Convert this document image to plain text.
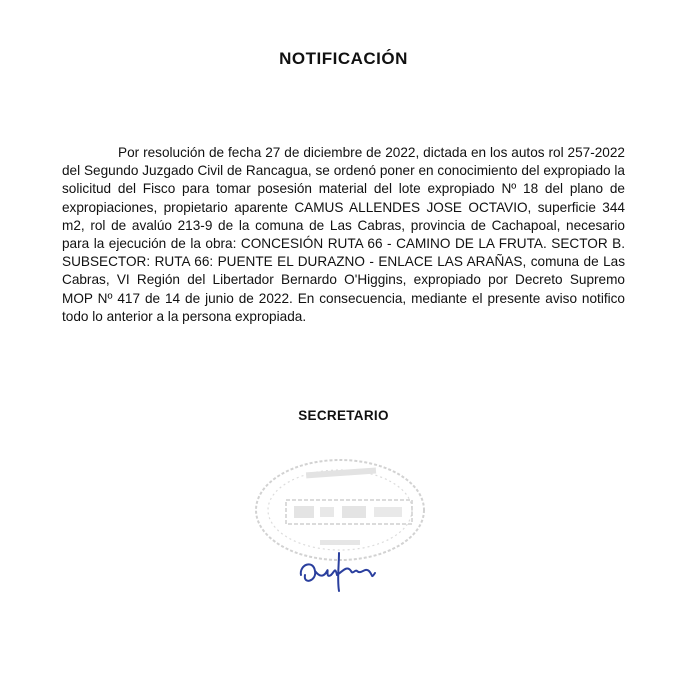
NOTIFICACIÓN

Por resolución de fecha 27 de diciembre de 2022, dictada en los autos rol 257-2022 del Segundo Juzgado Civil de Rancagua, se ordenó poner en conocimiento del expropiado la solicitud del Fisco para tomar posesión material del lote expropiado Nº 18 del plano de expropiaciones, propietario aparente CAMUS ALLENDES JOSE OCTAVIO, superficie 344 m2, rol de avalúo 213-9 de la comuna de Las Cabras, provincia de Cachapoal, necesario para la ejecución de la obra: CONCESIÓN RUTA 66 - CAMINO DE LA FRUTA. SECTOR B. SUBSECTOR: RUTA 66: PUENTE EL DURAZNO - ENLACE LAS ARAÑAS, comuna de Las Cabras, VI Región del Libertador Bernardo O'Higgins, expropiado por Decreto Supremo MOP Nº 417 de 14 de junio de 2022. En consecuencia, mediante el presente aviso notifico todo lo anterior a la persona expropiada.

SECRETARIO
